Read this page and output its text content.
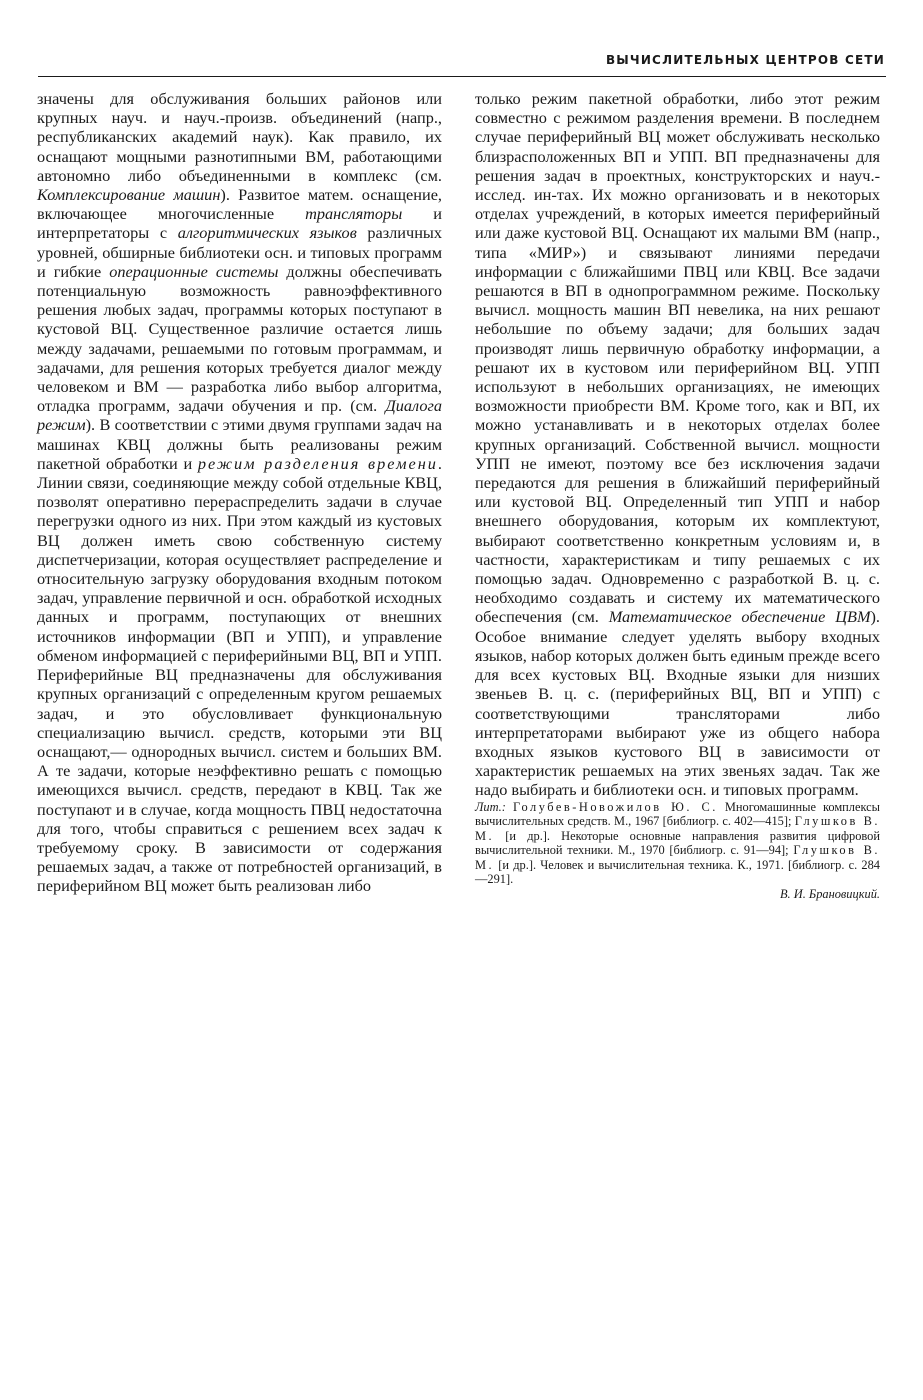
ВЫЧИСЛИТЕЛЬНЫХ ЦЕНТРОВ СЕТИ

значены для обслуживания больших районов или крупных науч. и науч.-произв. объединений (напр., республиканских академий наук). Как правило, их оснащают мощными разнотипными ВМ, работающими автономно либо объединенными в комплекс (см. Комплексирование машин). Развитое матем. оснащение, включающее многочисленные трансляторы и интерпретаторы с алгоритмических языков различных уровней, обширные библиотеки осн. и типовых программ и гибкие операционные системы должны обеспечивать потенциальную возможность равноэффективного решения любых задач, программы которых поступают в кустовой ВЦ. Существенное различие остается лишь между задачами, решаемыми по готовым программам, и задачами, для решения которых требуется диалог между человеком и ВМ — разработка либо выбор алгоритма, отладка программ, задачи обучения и пр. (см. Диалога режим). В соответствии с этими двумя группами задач на машинах КВЦ должны быть реализованы режим пакетной обработки и режим разделения времени. Линии связи, соединяющие между собой отдельные КВЦ, позволят оперативно перераспределить задачи в случае перегрузки одного из них. При этом каждый из кустовых ВЦ должен иметь свою собственную систему диспетчеризации, которая осуществляет распределение и относительную загрузку оборудования входным потоком задач, управление первичной и осн. обработкой исходных данных и программ, поступающих от внешних источников информации (ВП и УПП), и управление обменом информацией с периферийными ВЦ, ВП и УПП. Периферийные ВЦ предназначены для обслуживания крупных организаций с определенным кругом решаемых задач, и это обусловливает функциональную специализацию вычисл. средств, которыми эти ВЦ оснащают,— однородных вычисл. систем и больших ВМ. А те задачи, которые неэффективно решать с помощью имеющихся вычисл. средств, передают в КВЦ. Так же поступают и в случае, когда мощность ПВЦ недостаточна для того, чтобы справиться с решением всех задач к требуемому сроку. В зависимости от содержания решаемых задач, а также от потребностей организаций, в периферийном ВЦ может быть реализован либо

только режим пакетной обработки, либо этот режим совместно с режимом разделения времени. В последнем случае периферийный ВЦ может обслуживать несколько близрасположенных ВП и УПП. ВП предназначены для решения задач в проектных, конструкторских и науч.-исслед. ин-тах. Их можно организовать и в некоторых отделах учреждений, в которых имеется периферийный или даже кустовой ВЦ. Оснащают их малыми ВМ (напр., типа «МИР») и связывают линиями передачи информации с ближайшими ПВЦ или КВЦ. Все задачи решаются в ВП в однопрограммном режиме. Поскольку вычисл. мощность машин ВП невелика, на них решают небольшие по объему задачи; для больших задач производят лишь первичную обработку информации, а решают их в кустовом или периферийном ВЦ. УПП используют в небольших организациях, не имеющих возможности приобрести ВМ. Кроме того, как и ВП, их можно устанавливать и в некоторых отделах более крупных организаций. Собственной вычисл. мощности УПП не имеют, поэтому все без исключения задачи передаются для решения в ближайший периферийный или кустовой ВЦ. Определенный тип УПП и набор внешнего оборудования, которым их комплектуют, выбирают соответственно конкретным условиям и, в частности, характеристикам и типу решаемых с их помощью задач. Одновременно с разработкой В. ц. с. необходимо создавать и систему их математического обеспечения (см. Математическое обеспечение ЦВМ). Особое внимание следует уделять выбору входных языков, набор которых должен быть единым прежде всего для всех кустовых ВЦ. Входные языки для низших звеньев В. ц. с. (периферийных ВЦ, ВП и УПП) с соответствующими трансляторами либо интерпретаторами выбирают уже из общего набора входных языков кустового ВЦ в зависимости от характеристик решаемых на этих звеньях задач. Так же надо выбирать и библиотеки осн. и типовых программ.

Лит.: Голубев-Новожилов Ю. С. Многомашинные комплексы вычислительных средств. М., 1967 [библиогр. с. 402—415]; Глушков В. М. [и др.]. Некоторые основные направления развития цифровой вычислительной техники. М., 1970 [библиогр. с. 91—94]; Глушков В. М. [и др.]. Человек и вычислительная техника. К., 1971. [библиогр. с. 284—291].
В. И. Брановицкий.
